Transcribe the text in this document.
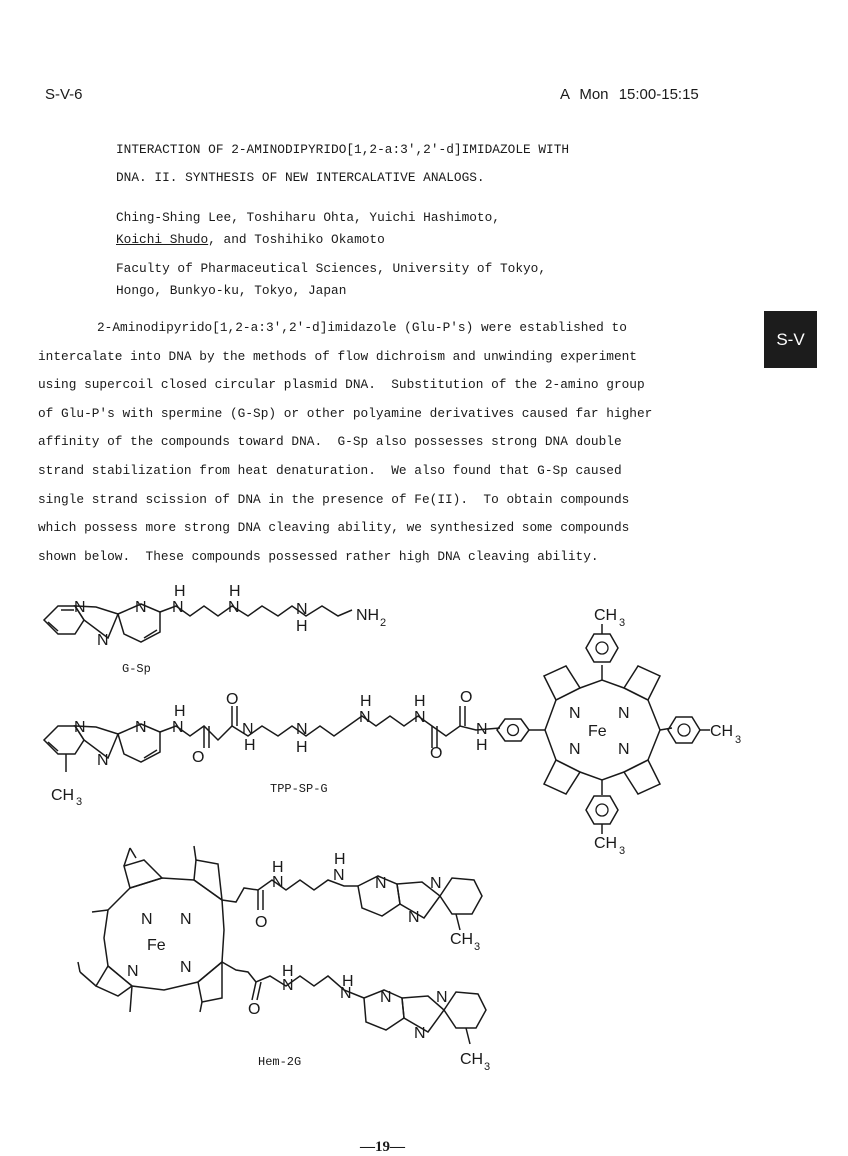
S-V-6	A Mon 15:00-15:15
INTERACTION OF 2-AMINODIPYRIDO[1,2-a:3',2'-d]IMIDAZOLE WITH
DNA. II. SYNTHESIS OF NEW INTERCALATIVE ANALOGS.
Ching-Shing Lee, Toshiharu Ohta, Yuichi Hashimoto,
Koichi Shudo, and Toshihiko Okamoto
Faculty of Pharmaceutical Sciences, University of Tokyo,
Hongo, Bunkyo-ku, Tokyo, Japan
S-V
2-Aminodipyrido[1,2-a:3',2'-d]imidazole (Glu-P's) were established to
intercalate into DNA by the methods of flow dichroism and unwinding experiment
using supercoil closed circular plasmid DNA.  Substitution of the 2-amino group
of Glu-P's with spermine (G-Sp) or other polyamine derivatives caused far higher
affinity of the compounds toward DNA.  G-Sp also possesses strong DNA double
strand stabilization from heat denaturation.  We also found that G-Sp caused
single strand scission of DNA in the presence of Fe(II).  To obtain compounds
which possess more strong DNA cleaving ability, we synthesized some compounds
shown below.  These compounds possessed rather high DNA cleaving ability.
N
N
N N
H
N
H
N
H
NH 2
CH 3
N
N
N N
H
O
O
N
H
N
H
N
H
N
H
O
O
N
H
N N
N N
Fe
CH 3
CH 3
CH 3
N N
N	N
Fe
O
N
H	N
H
N	N
N
CH 3
O
N
H
N
H
N	N
N
CH 3
G-Sp
TPP-SP-G
Hem-2G
—19—
